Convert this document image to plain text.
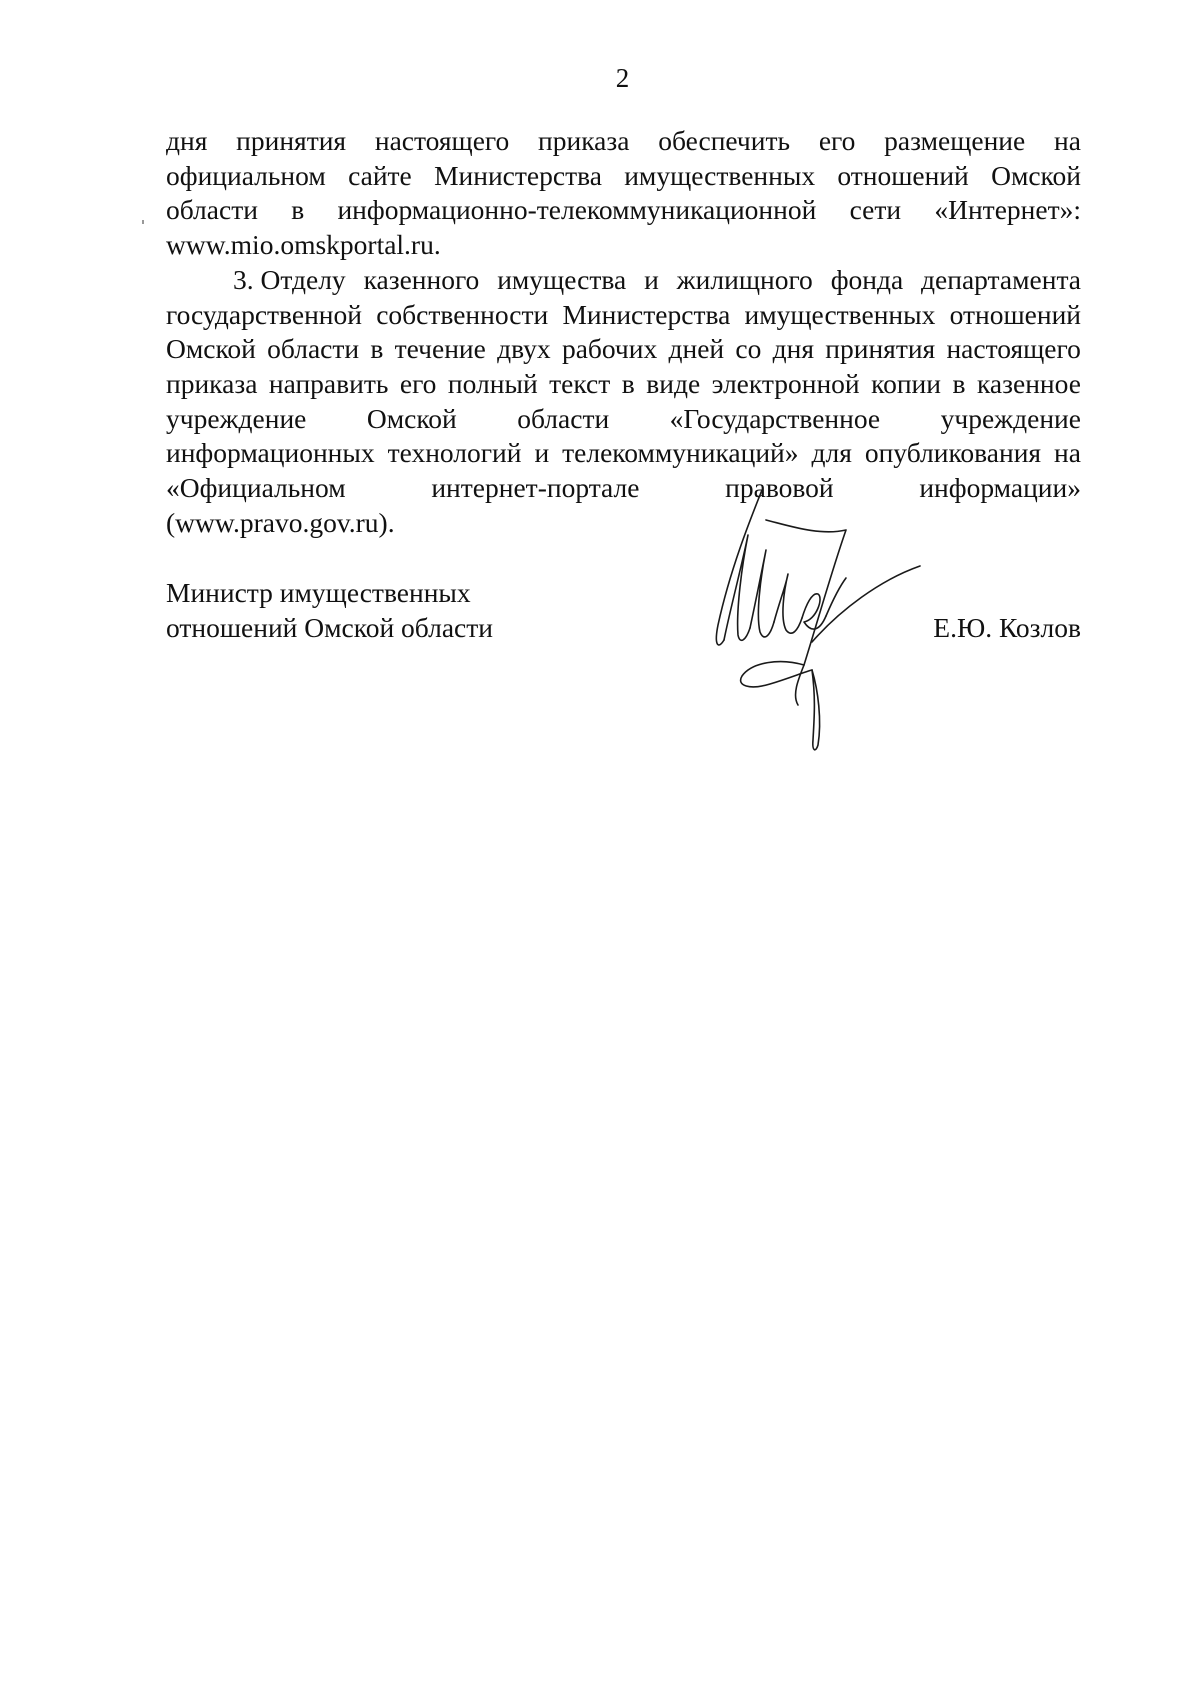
2
дня принятия настоящего приказа обеспечить его размещение на
официальном сайте Министерства имущественных отношений Омской
области в информационно-телекоммуникационной сети «Интернет»:
www.mio.omskportal.ru.
3. Отделу казенного имущества и жилищного фонда департамента
государственной собственности Министерства имущественных отношений
Омской области в течение двух рабочих дней со дня принятия настоящего
приказа направить его полный текст в виде электронной копии в казенное
учреждение Омской области «Государственное учреждение
информационных технологий и телекоммуникаций» для опубликования на
«Официальном	интернет-портале	правовой	информации»
(www.pravo.gov.ru).
Министр имущественных
отношений Омской области	Е.Ю. Козлов
